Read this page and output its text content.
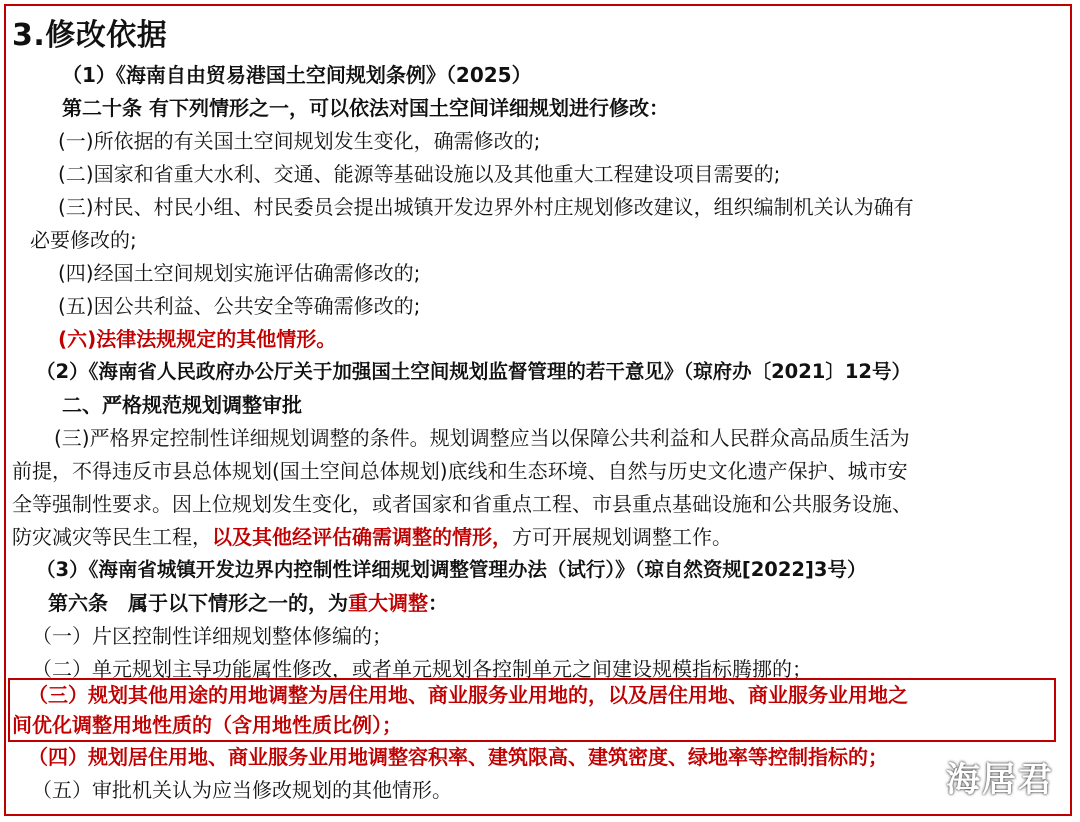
3.修改依据
（1）《海南自由贸易港国土空间规划条例》（2025）
第二十条 有下列情形之一，可以依法对国土空间详细规划进行修改：
(一)所依据的有关国土空间规划发生变化，确需修改的;
(二)国家和省重大水利、交通、能源等基础设施以及其他重大工程建设项目需要的;
(三)村民、村民小组、村民委员会提出城镇开发边界外村庄规划修改建议，组织编制机关认为确有
必要修改的;
(四)经国土空间规划实施评估确需修改的;
(五)因公共利益、公共安全等确需修改的;
(六)法律法规规定的其他情形。
（2）《海南省人民政府办公厅关于加强国土空间规划监督管理的若干意见》（琼府办〔2021〕12号）
二、严格规范规划调整审批
(三)严格界定控制性详细规划调整的条件。规划调整应当以保障公共利益和人民群众高品质生活为
前提，不得违反市县总体规划(国土空间总体规划)底线和生态环境、自然与历史文化遗产保护、城市安
全等强制性要求。因上位规划发生变化，或者国家和省重点工程、市县重点基础设施和公共服务设施、
防灾减灾等民生工程，以及其他经评估确需调整的情形，方可开展规划调整工作。
（3）《海南省城镇开发边界内控制性详细规划调整管理办法（试行）》（琼自然资规[2022]3号）
第六条　属于以下情形之一的，为重大调整：
（一）片区控制性详细规划整体修编的；
（二）单元规划主导功能属性修改，或者单元规划各控制单元之间建设规模指标腾挪的；
（三）规划其他用途的用地调整为居住用地、商业服务业用地的，以及居住用地、商业服务业用地之
间优化调整用地性质的（含用地性质比例）；
（四）规划居住用地、商业服务业用地调整容积率、建筑限高、建筑密度、绿地率等控制指标的；
（五）审批机关认为应当修改规划的其他情形。	海居君
